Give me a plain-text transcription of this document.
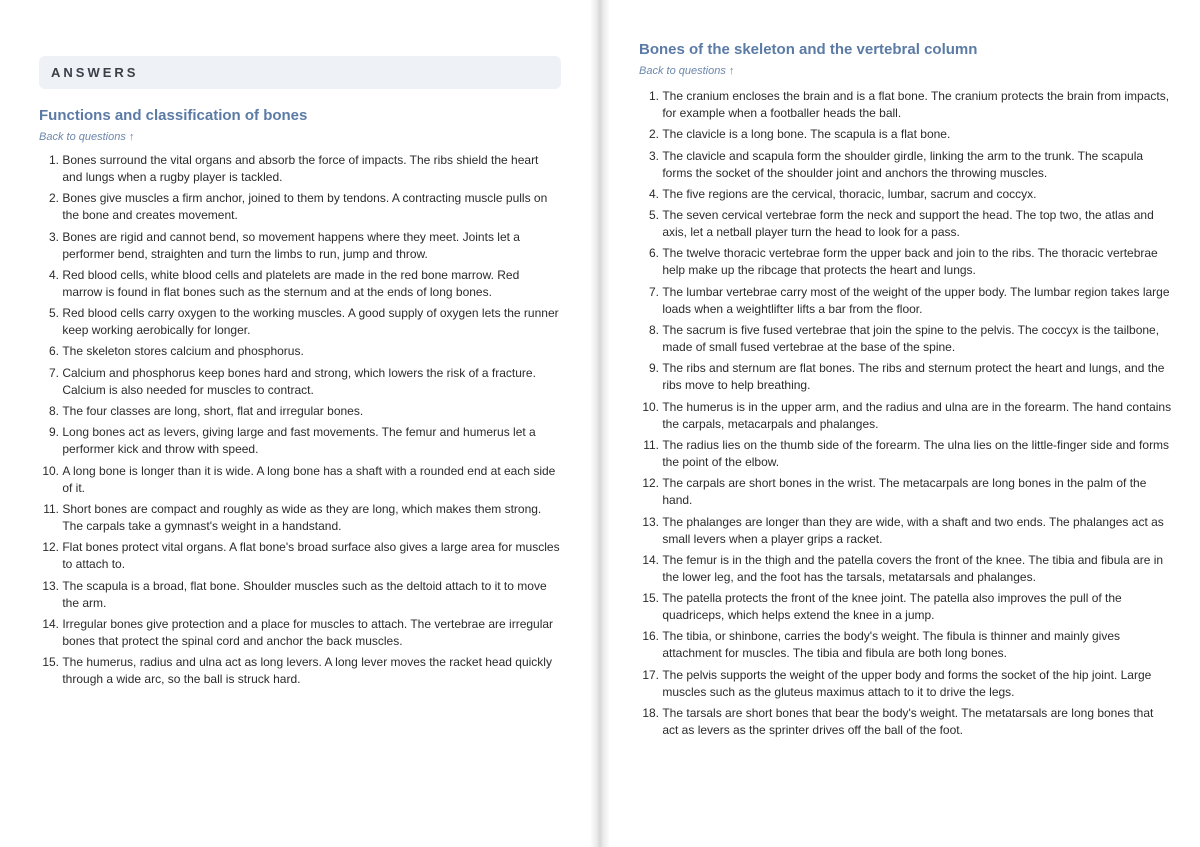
ANSWERS
Functions and classification of bones
Back to questions ↑
1.
Bones surround the vital organs and absorb the force of impacts. The ribs shield the heart and lungs when a rugby player is tackled.
2.
Bones give muscles a firm anchor, joined to them by tendons. A contracting muscle pulls on the bone and creates movement.
3.
Bones are rigid and cannot bend, so movement happens where they meet. Joints let a performer bend, straighten and turn the limbs to run, jump and throw.
4.
Red blood cells, white blood cells and platelets are made in the red bone marrow. Red marrow is found in flat bones such as the sternum and at the ends of long bones.
5.
Red blood cells carry oxygen to the working muscles. A good supply of oxygen lets the runner keep working aerobically for longer.
6.
The skeleton stores calcium and phosphorus.
7.
Calcium and phosphorus keep bones hard and strong, which lowers the risk of a fracture. Calcium is also needed for muscles to contract.
8.
The four classes are long, short, flat and irregular bones.
9.
Long bones act as levers, giving large and fast movements. The femur and humerus let a performer kick and throw with speed.
10.
A long bone is longer than it is wide. A long bone has a shaft with a rounded end at each side of it.
11.
Short bones are compact and roughly as wide as they are long, which makes them strong. The carpals take a gymnast's weight in a handstand.
12.
Flat bones protect vital organs. A flat bone's broad surface also gives a large area for muscles to attach to.
13.
The scapula is a broad, flat bone. Shoulder muscles such as the deltoid attach to it to move the arm.
14.
Irregular bones give protection and a place for muscles to attach. The vertebrae are irregular bones that protect the spinal cord and anchor the back muscles.
15.
The humerus, radius and ulna act as long levers. A long lever moves the racket head quickly through a wide arc, so the ball is struck hard.
Bones of the skeleton and the vertebral column
Back to questions ↑
1.
The cranium encloses the brain and is a flat bone. The cranium protects the brain from impacts, for example when a footballer heads the ball.
2.
The clavicle is a long bone. The scapula is a flat bone.
3.
The clavicle and scapula form the shoulder girdle, linking the arm to the trunk. The scapula forms the socket of the shoulder joint and anchors the throwing muscles.
4.
The five regions are the cervical, thoracic, lumbar, sacrum and coccyx.
5.
The seven cervical vertebrae form the neck and support the head. The top two, the atlas and axis, let a netball player turn the head to look for a pass.
6.
The twelve thoracic vertebrae form the upper back and join to the ribs. The thoracic vertebrae help make up the ribcage that protects the heart and lungs.
7.
The lumbar vertebrae carry most of the weight of the upper body. The lumbar region takes large loads when a weightlifter lifts a bar from the floor.
8.
The sacrum is five fused vertebrae that join the spine to the pelvis. The coccyx is the tailbone, made of small fused vertebrae at the base of the spine.
9.
The ribs and sternum are flat bones. The ribs and sternum protect the heart and lungs, and the ribs move to help breathing.
10.
The humerus is in the upper arm, and the radius and ulna are in the forearm. The hand contains the carpals, metacarpals and phalanges.
11.
The radius lies on the thumb side of the forearm. The ulna lies on the little-finger side and forms the point of the elbow.
12.
The carpals are short bones in the wrist. The metacarpals are long bones in the palm of the hand.
13.
The phalanges are longer than they are wide, with a shaft and two ends. The phalanges act as small levers when a player grips a racket.
14.
The femur is in the thigh and the patella covers the front of the knee. The tibia and fibula are in the lower leg, and the foot has the tarsals, metatarsals and phalanges.
15.
The patella protects the front of the knee joint. The patella also improves the pull of the quadriceps, which helps extend the knee in a jump.
16.
The tibia, or shinbone, carries the body's weight. The fibula is thinner and mainly gives attachment for muscles. The tibia and fibula are both long bones.
17.
The pelvis supports the weight of the upper body and forms the socket of the hip joint. Large muscles such as the gluteus maximus attach to it to drive the legs.
18.
The tarsals are short bones that bear the body's weight. The metatarsals are long bones that act as levers as the sprinter drives off the ball of the foot.
